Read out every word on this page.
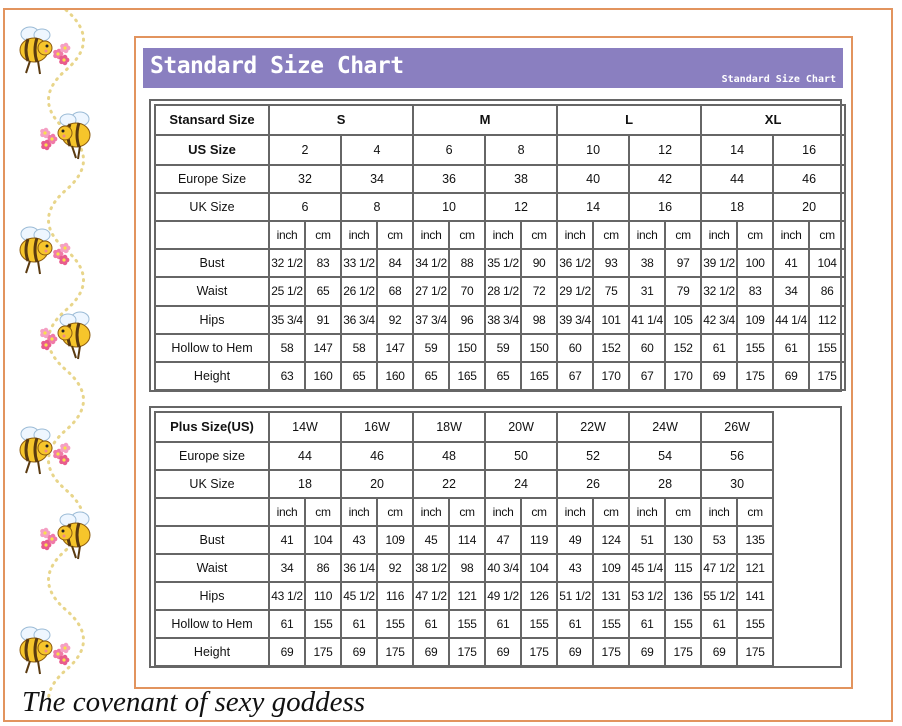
Standard Size Chart
Standard Size Chart
Stansard Size	S				M				L				XL			
US Size	2		4		6		8		10		12		14		16	
Europe Size	32		34		36		38		40		42		44		46	
UK Size	6		8		10		12		14		16		18		20	
	inch	cm	inch	cm	inch	cm	inch	cm	inch	cm	inch	cm	inch	cm	inch	cm
Bust	32 1/2	83	33 1/2	84	34 1/2	88	35 1/2	90	36 1/2	93	38	97	39 1/2	100	41	104
Waist	25 1/2	65	26 1/2	68	27 1/2	70	28 1/2	72	29 1/2	75	31	79	32 1/2	83	34	86
Hips	35 3/4	91	36 3/4	92	37 3/4	96	38 3/4	98	39 3/4	101	41 1/4	105	42 3/4	109	44 1/4	112
Hollow to Hem	58	147	58	147	59	150	59	150	60	152	60	152	61	155	61	155
Height	63	160	65	160	65	165	65	165	67	170	67	170	69	175	69	175
Plus Size(US)	14W		16W		18W		20W		22W		24W		26W	
Europe size	44		46		48		50		52		54		56	
UK Size	18		20		22		24		26		28		30	
	inch	cm	inch	cm	inch	cm	inch	cm	inch	cm	inch	cm	inch	cm
Bust	41	104	43	109	45	114	47	119	49	124	51	130	53	135
Waist	34	86	36 1/4	92	38 1/2	98	40 3/4	104	43	109	45 1/4	115	47 1/2	121
Hips	43 1/2	110	45 1/2	116	47 1/2	121	49 1/2	126	51 1/2	131	53 1/2	136	55 1/2	141
Hollow to Hem	61	155	61	155	61	155	61	155	61	155	61	155	61	155
Height	69	175	69	175	69	175	69	175	69	175	69	175	69	175
The covenant of sexy goddess
